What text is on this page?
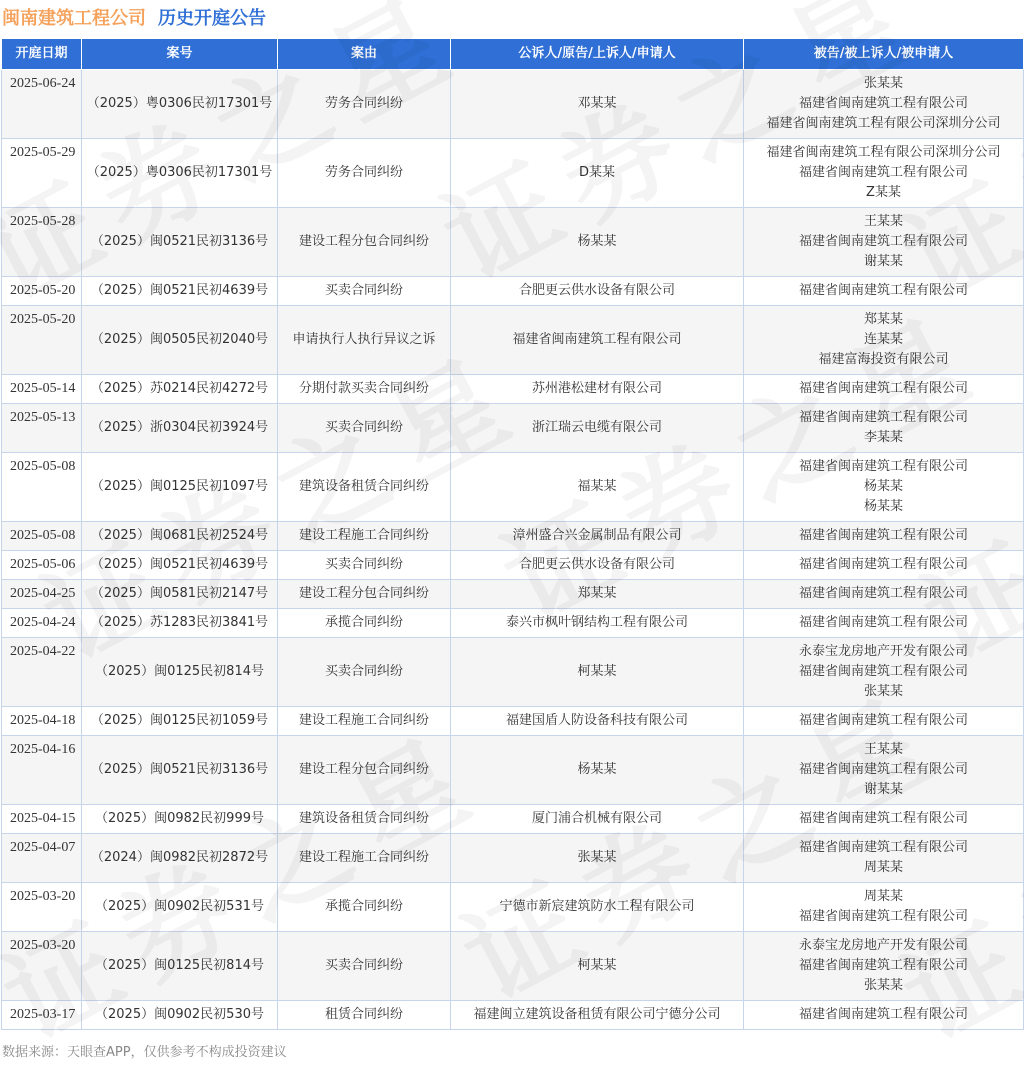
闽南建筑工程公司 历史开庭公告
开庭日期	案号	案由	公诉人/原告/上诉人/申请人	被告/被上诉人/被申请人
2025-06-24	（2025）粤0306民初17301号	劳务合同纠纷	邓某某	张某某
福建省闽南建筑工程有限公司
福建省闽南建筑工程有限公司深圳分公司

2025-05-29	（2025）粤0306民初17301号	劳务合同纠纷	D某某	福建省闽南建筑工程有限公司深圳分公司
福建省闽南建筑工程有限公司
Z某某

2025-05-28	（2025）闽0521民初3136号	建设工程分包合同纠纷	杨某某	王某某
福建省闽南建筑工程有限公司
谢某某

2025-05-20	（2025）闽0521民初4639号	买卖合同纠纷	合肥更云供水设备有限公司	福建省闽南建筑工程有限公司

2025-05-20	（2025）闽0505民初2040号	申请执行人执行异议之诉	福建省闽南建筑工程有限公司	郑某某
连某某
福建富海投资有限公司

2025-05-14	（2025）苏0214民初4272号	分期付款买卖合同纠纷	苏州港松建材有限公司	福建省闽南建筑工程有限公司

2025-05-13	（2025）浙0304民初3924号	买卖合同纠纷	浙江瑞云电缆有限公司	福建省闽南建筑工程有限公司
李某某

2025-05-08	（2025）闽0125民初1097号	建筑设备租赁合同纠纷	福某某	福建省闽南建筑工程有限公司
杨某某
杨某某

2025-05-08	（2025）闽0681民初2524号	建设工程施工合同纠纷	漳州盛合兴金属制品有限公司	福建省闽南建筑工程有限公司

2025-05-06	（2025）闽0521民初4639号	买卖合同纠纷	合肥更云供水设备有限公司	福建省闽南建筑工程有限公司

2025-04-25	（2025）闽0581民初2147号	建设工程分包合同纠纷	郑某某	福建省闽南建筑工程有限公司

2025-04-24	（2025）苏1283民初3841号	承揽合同纠纷	泰兴市枫叶钢结构工程有限公司	福建省闽南建筑工程有限公司

2025-04-22	（2025）闽0125民初814号	买卖合同纠纷	柯某某	永泰宝龙房地产开发有限公司
福建省闽南建筑工程有限公司
张某某

2025-04-18	（2025）闽0125民初1059号	建设工程施工合同纠纷	福建国盾人防设备科技有限公司	福建省闽南建筑工程有限公司

2025-04-16	（2025）闽0521民初3136号	建设工程分包合同纠纷	杨某某	王某某
福建省闽南建筑工程有限公司
谢某某

2025-04-15	（2025）闽0982民初999号	建筑设备租赁合同纠纷	厦门浦合机械有限公司	福建省闽南建筑工程有限公司

2025-04-07	（2024）闽0982民初2872号	建设工程施工合同纠纷	张某某	福建省闽南建筑工程有限公司
周某某

2025-03-20	（2025）闽0902民初531号	承揽合同纠纷	宁德市新宸建筑防水工程有限公司	周某某
福建省闽南建筑工程有限公司

2025-03-20	（2025）闽0125民初814号	买卖合同纠纷	柯某某	永泰宝龙房地产开发有限公司
福建省闽南建筑工程有限公司
张某某

2025-03-17	（2025）闽0902民初530号	租赁合同纠纷	福建闽立建筑设备租赁有限公司宁德分公司	福建省闽南建筑工程有限公司
数据来源：天眼查APP，仅供参考不构成投资建议
